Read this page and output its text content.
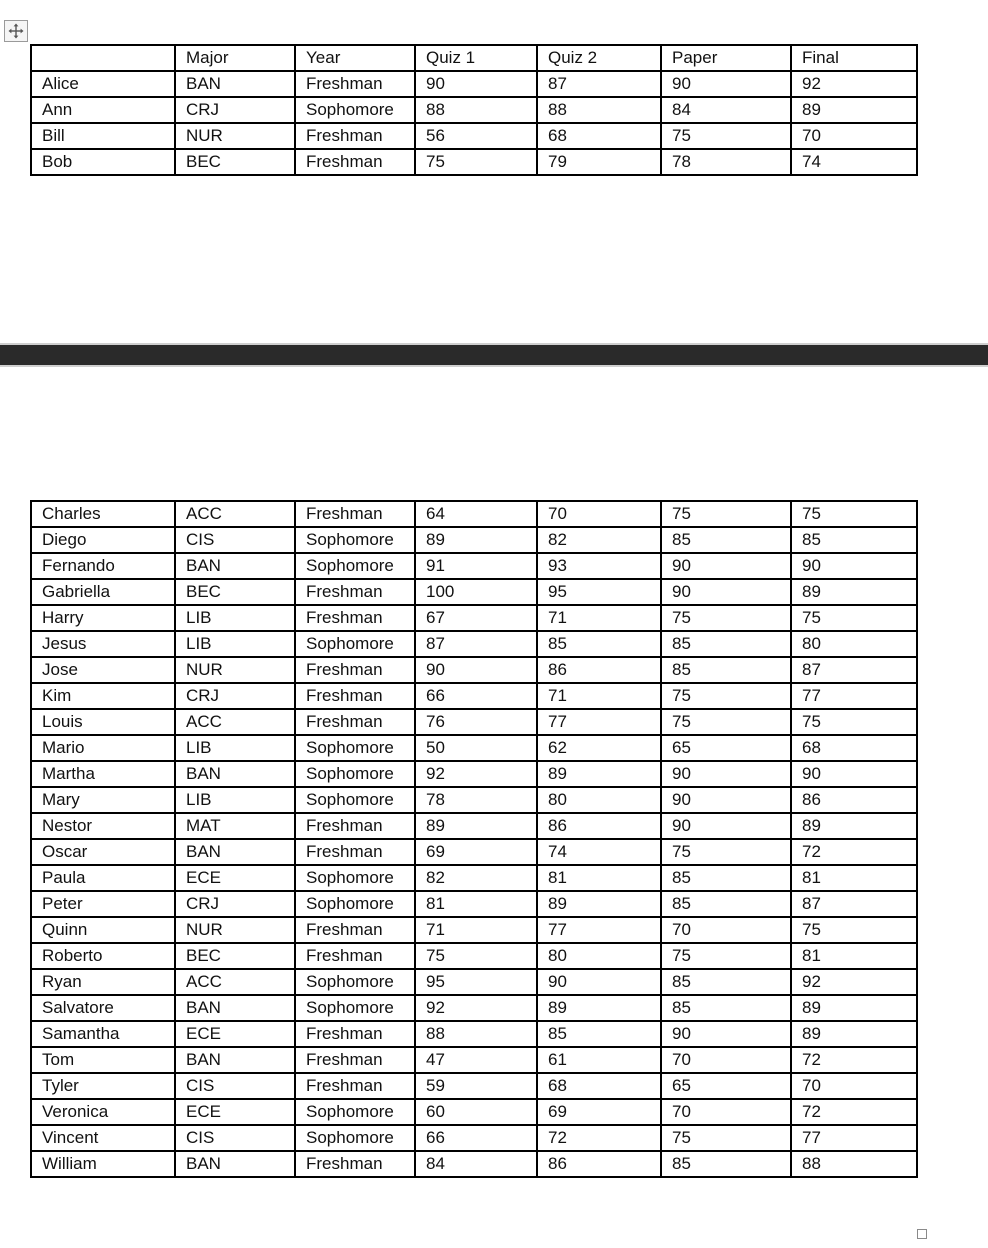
	Major	Year	Quiz 1	Quiz 2	Paper	Final
Alice	BAN	Freshman	90	87	90	92
Ann	CRJ	Sophomore	88	88	84	89
Bill	NUR	Freshman	56	68	75	70
Bob	BEC	Freshman	75	79	78	74
Charles	ACC	Freshman	64	70	75	75
Diego	CIS	Sophomore	89	82	85	85
Fernando	BAN	Sophomore	91	93	90	90
Gabriella	BEC	Freshman	100	95	90	89
Harry	LIB	Freshman	67	71	75	75
Jesus	LIB	Sophomore	87	85	85	80
Jose	NUR	Freshman	90	86	85	87
Kim	CRJ	Freshman	66	71	75	77
Louis	ACC	Freshman	76	77	75	75
Mario	LIB	Sophomore	50	62	65	68
Martha	BAN	Sophomore	92	89	90	90
Mary	LIB	Sophomore	78	80	90	86
Nestor	MAT	Freshman	89	86	90	89
Oscar	BAN	Freshman	69	74	75	72
Paula	ECE	Sophomore	82	81	85	81
Peter	CRJ	Sophomore	81	89	85	87
Quinn	NUR	Freshman	71	77	70	75
Roberto	BEC	Freshman	75	80	75	81
Ryan	ACC	Sophomore	95	90	85	92
Salvatore	BAN	Sophomore	92	89	85	89
Samantha	ECE	Freshman	88	85	90	89
Tom	BAN	Freshman	47	61	70	72
Tyler	CIS	Freshman	59	68	65	70
Veronica	ECE	Sophomore	60	69	70	72
Vincent	CIS	Sophomore	66	72	75	77
William	BAN	Freshman	84	86	85	88
